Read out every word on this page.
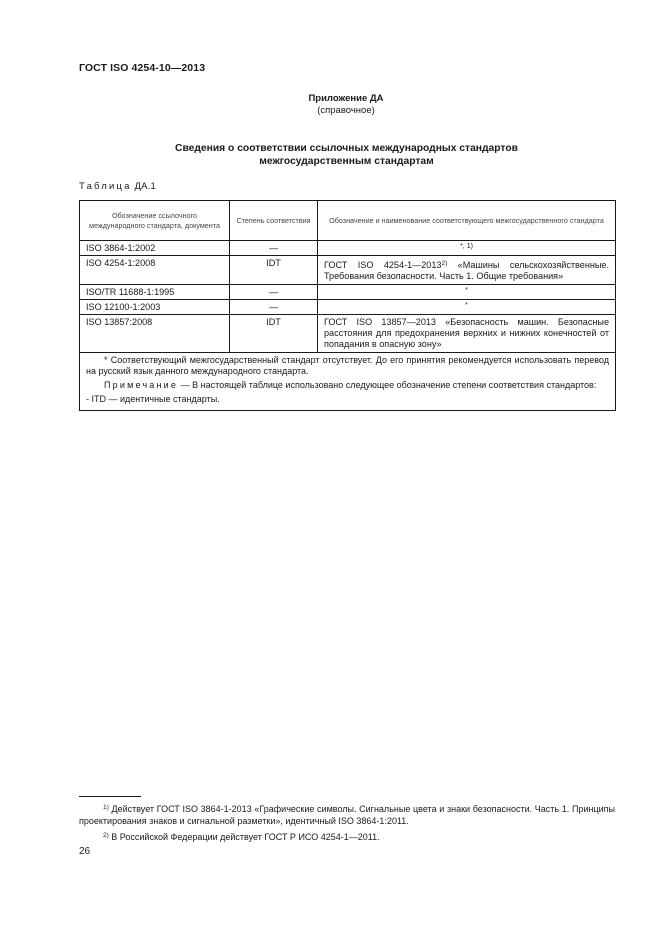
ГОСТ ISO 4254-10—2013
Приложение ДА
(справочное)
Сведения о соответствии ссылочных международных стандартов
межгосударственным стандартам
Таблица ДА.1
Обозначение ссылочного международного стандарта, документа	Степень соответствия	Обозначение и наименование соответствующего межгосударственного стандарта
ISO 3864-1:2002	—	*, 1)
ISO 4254-1:2008	IDT	ГОСТ ISO 4254-1—2013$^{2)}$ «Машины сельскохозяйственные. Требования безопасности. Часть 1. Общие требования»
ISO/TR 11688-1:1995	—	*
ISO 12100-1:2003	—	*
ISO 13857:2008	IDT	ГОСТ ISO 13857—2013 «Безопасность машин. Безопасные расстояния для предохранения верхних и нижних конечностей от попадания в опасную зону»

* Соответствующий межгосударственный стандарт отсутствует. До его принятия рекомендуется использовать перевод на русский язык данного международного стандарта.

Примечание — В настоящей таблице использовано следующее обозначение степени соответствия стандартов:

- ITD — идентичные стандарты.		

$^{1)}$ Действует ГОСТ ISO 3864-1-2013 «Графические символы. Сигнальные цвета и знаки безопасности. Часть 1. Принципы проектирования знаков и сигнальной разметки», идентичный ISO 3864-1:2011.

$^{2)}$ В Российской Федерации действует ГОСТ Р ИСО 4254-1—2011.

26
